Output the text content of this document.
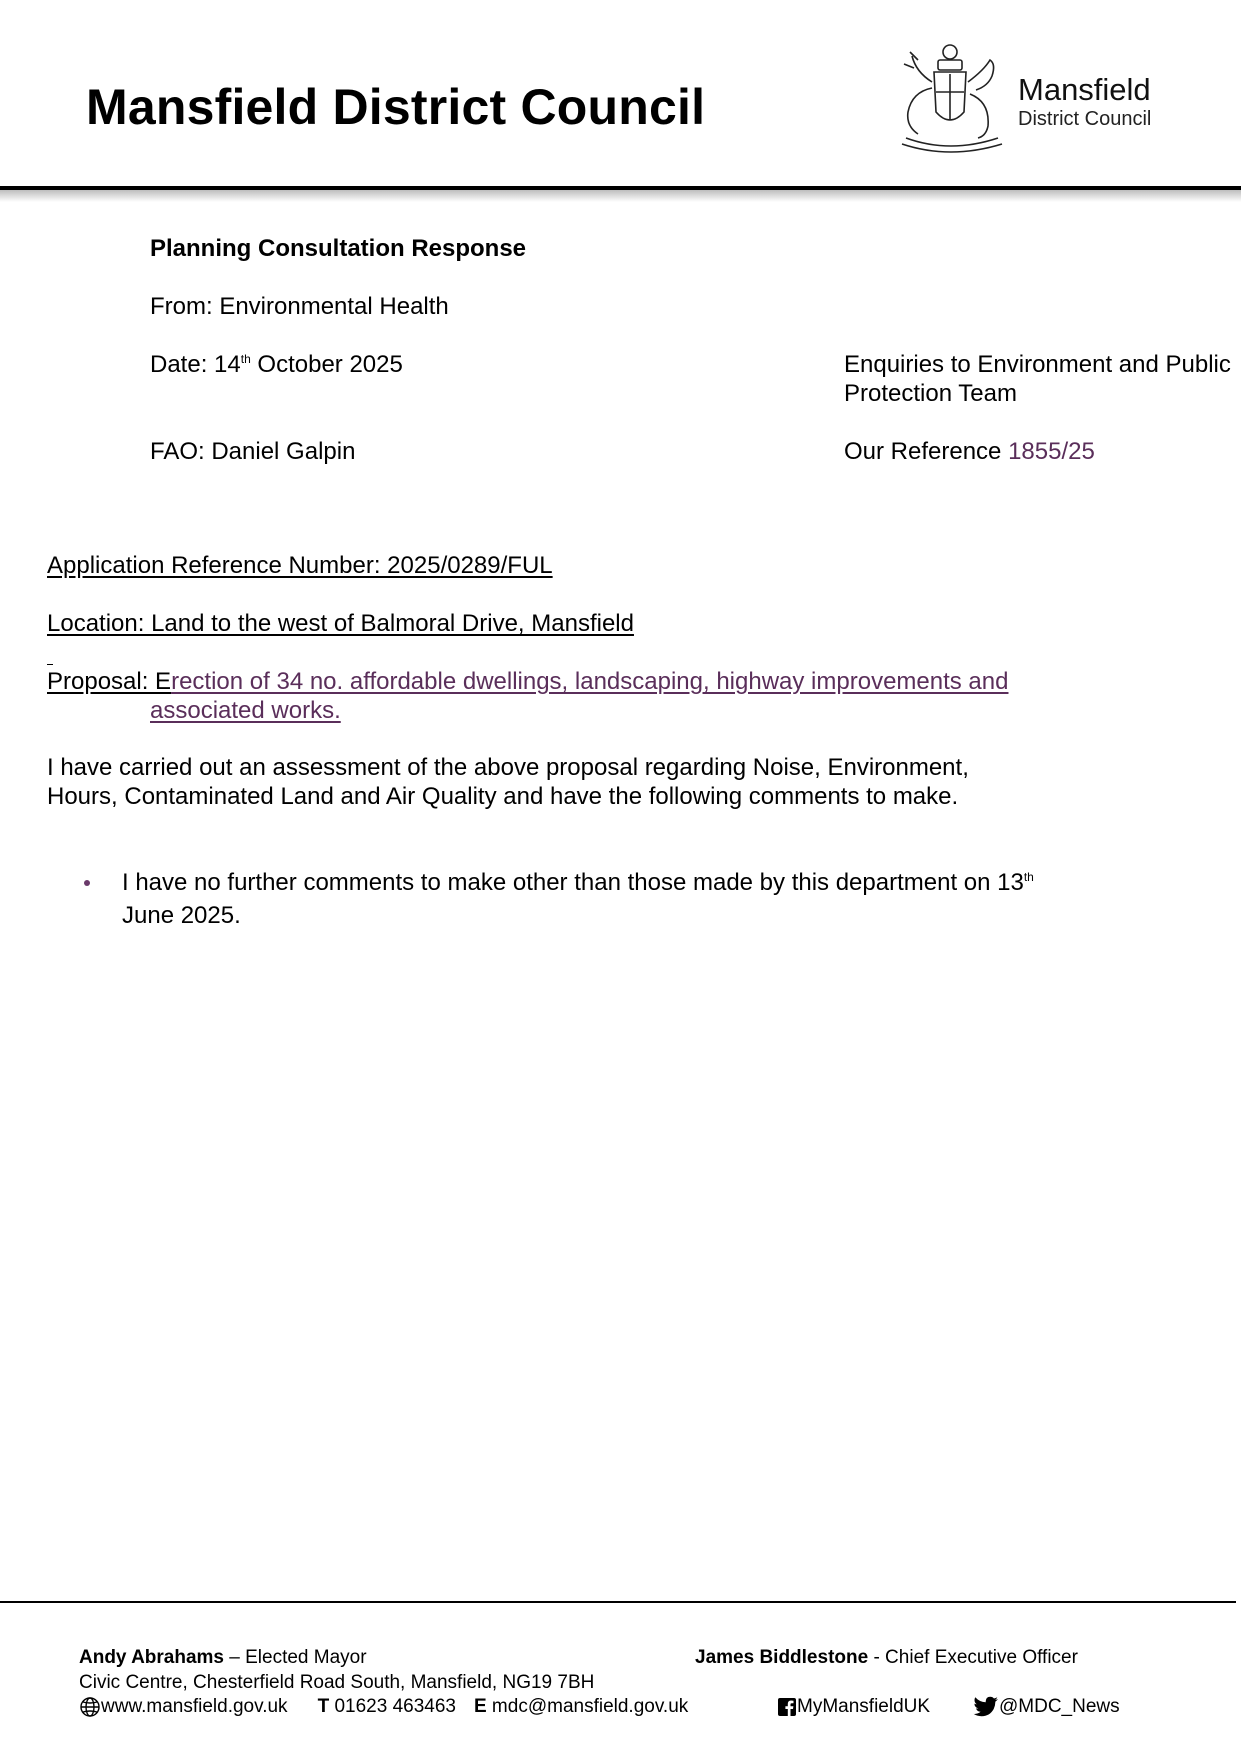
Mansfield District Council	Mansfield
District Council
Planning Consultation Response
From: Environmental Health
Date: 14th October 2025	Enquiries to Environment and Public
Protection Team
FAO: Daniel Galpin	Our Reference 1855/25
Application Reference Number: 2025/0289/FUL
Location: Land to the west of Balmoral Drive, Mansfield
Proposal: Erection of 34 no. affordable dwellings, landscaping, highway improvements and
associated works.
I have carried out an assessment of the above proposal regarding Noise, Environment,
Hours, Contaminated Land and Air Quality and have the following comments to make.
I have no further comments to make other than those made by this department on 13th
June 2025.
Andy Abrahams – Elected Mayor	James Biddlestone - Chief Executive Officer
Civic Centre, Chesterfield Road South, Mansfield, NG19 7BH
www.mansfield.gov.uk T 01623 463463 E mdc@mansfield.gov.uk	MyMansfieldUK	@MDC_News
